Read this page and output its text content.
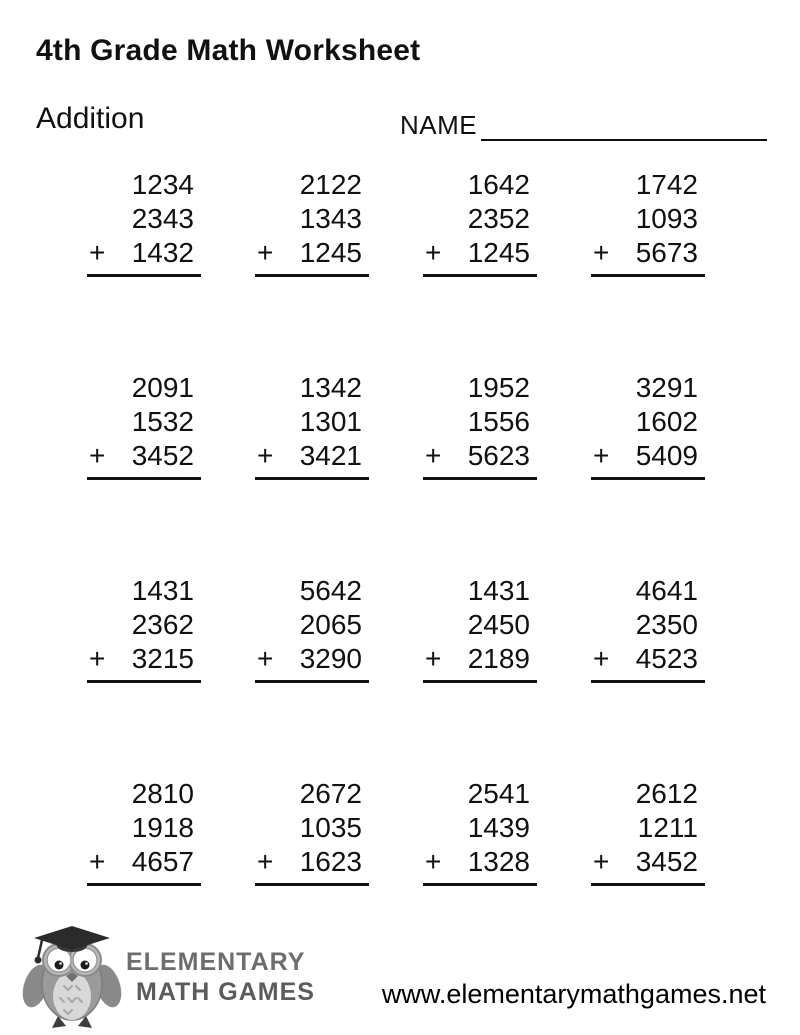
4th Grade Math Worksheet
Addition	NAME
1234
2343
+ 1432
2122
1343
+ 1245
1642
2352
+ 1245
1742
1093
+ 5673
2091
1532
+ 3452
1342
1301
+ 3421
1952
1556
+ 5623
3291
1602
+ 5409
1431
2362
+ 3215
5642
2065
+ 3290
1431
2450
+ 2189
4641
2350
+ 4523
2810
1918
+ 4657
2672
1035
+ 1623
2541
1439
+ 1328
2612
1211
+ 3452
ELEMENTARY
MATH GAMES www.elementarymathgames.net
